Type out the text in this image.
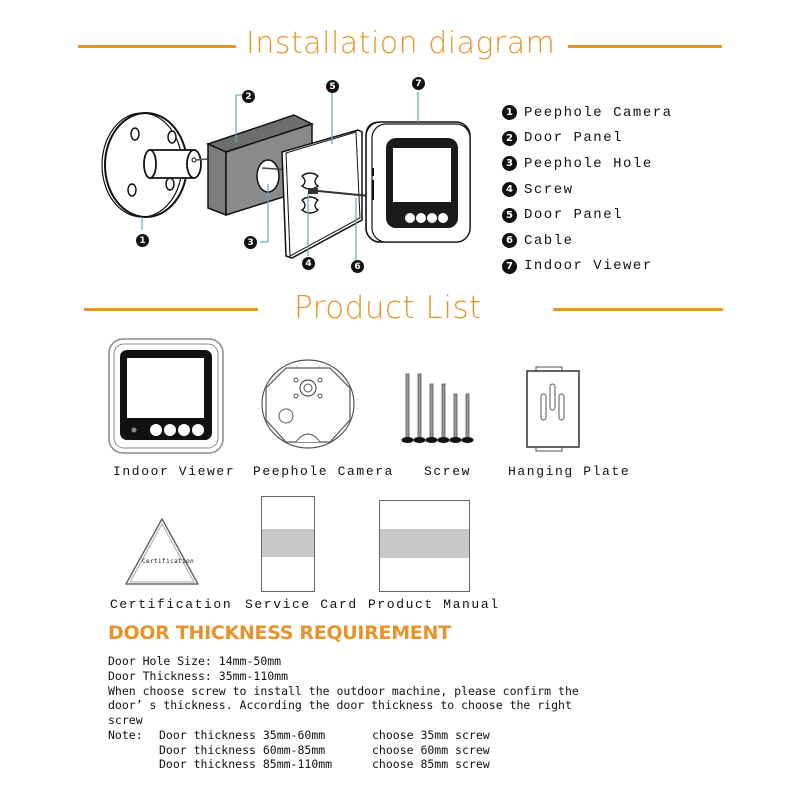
Installation diagram
1
2
3
4
5
6
7
1 Peephole Camera
2 Door Panel
3 Peephole Hole
4 Screw
5 Door Panel
6 Cable
7 Indoor Viewer
Product List
Indoor Viewer Peephole Camera Screw	Hanging Plate
Certification
Certification Service Card Product Manual
DOOR THICKNESS REQUIREMENT
Door Hole Size: 14mm-50mm
Door Thickness: 35mm-110mm
When choose screw to install the outdoor machine, please confirm the
door’ s thickness. According the door thickness to choose the right
screw
Note: Door thickness 35mm-60mm	choose 35mm screw
Door thickness 60mm-85mm	choose 60mm screw
Door thickness 85mm-110mm	choose 85mm screw
